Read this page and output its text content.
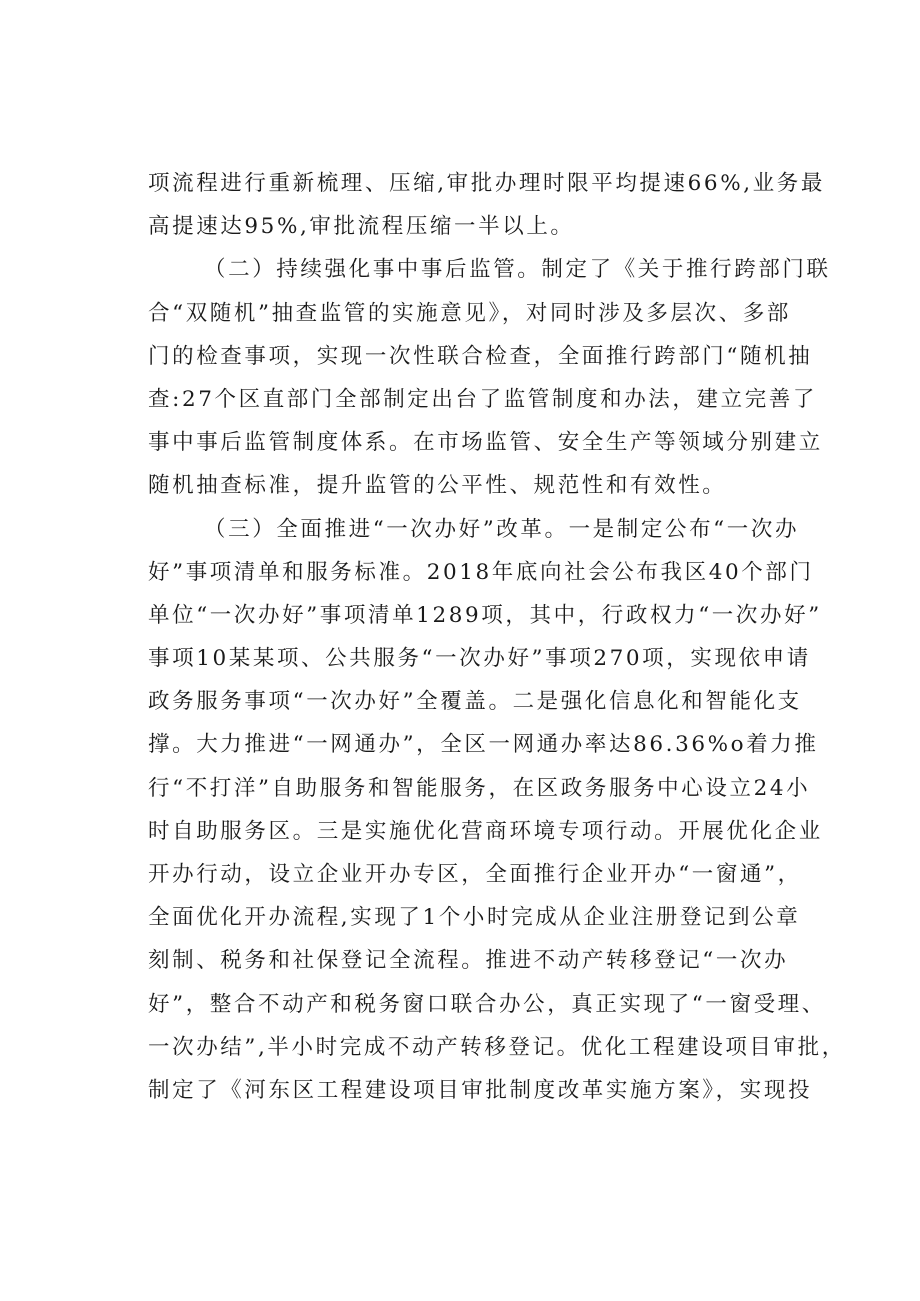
项流程进行重新梳理、压缩,审批办理时限平均提速66%,业务最
高提速达95%,审批流程压缩一半以上。
（二）持续强化事中事后监管。制定了《关于推行跨部门联
合“双随机”抽查监管的实施意见》，对同时涉及多层次、多部
门的检查事项，实现一次性联合检查，全面推行跨部门“随机抽
查:27个区直部门全部制定出台了监管制度和办法，建立完善了
事中事后监管制度体系。在市场监管、安全生产等领域分别建立
随机抽查标准，提升监管的公平性、规范性和有效性。
（三）全面推进“一次办好”改革。一是制定公布“一次办
好”事项清单和服务标准。2018年底向社会公布我区40个部门
单位“一次办好”事项清单1289项，其中，行政权力“一次办好”
事项10某某项、公共服务“一次办好”事项270项，实现依申请
政务服务事项“一次办好”全覆盖。二是强化信息化和智能化支
撑。大力推进“一网通办”，全区一网通办率达86.36%o着力推
行“不打洋”自助服务和智能服务，在区政务服务中心设立24小
时自助服务区。三是实施优化营商环境专项行动。开展优化企业
开办行动，设立企业开办专区，全面推行企业开办“一窗通”，
全面优化开办流程,实现了1个小时完成从企业注册登记到公章
刻制、税务和社保登记全流程。推进不动产转移登记“一次办
好”，整合不动产和税务窗口联合办公，真正实现了“一窗受理、
一次办结”,半小时完成不动产转移登记。优化工程建设项目审批，
制定了《河东区工程建设项目审批制度改革实施方案》，实现投
